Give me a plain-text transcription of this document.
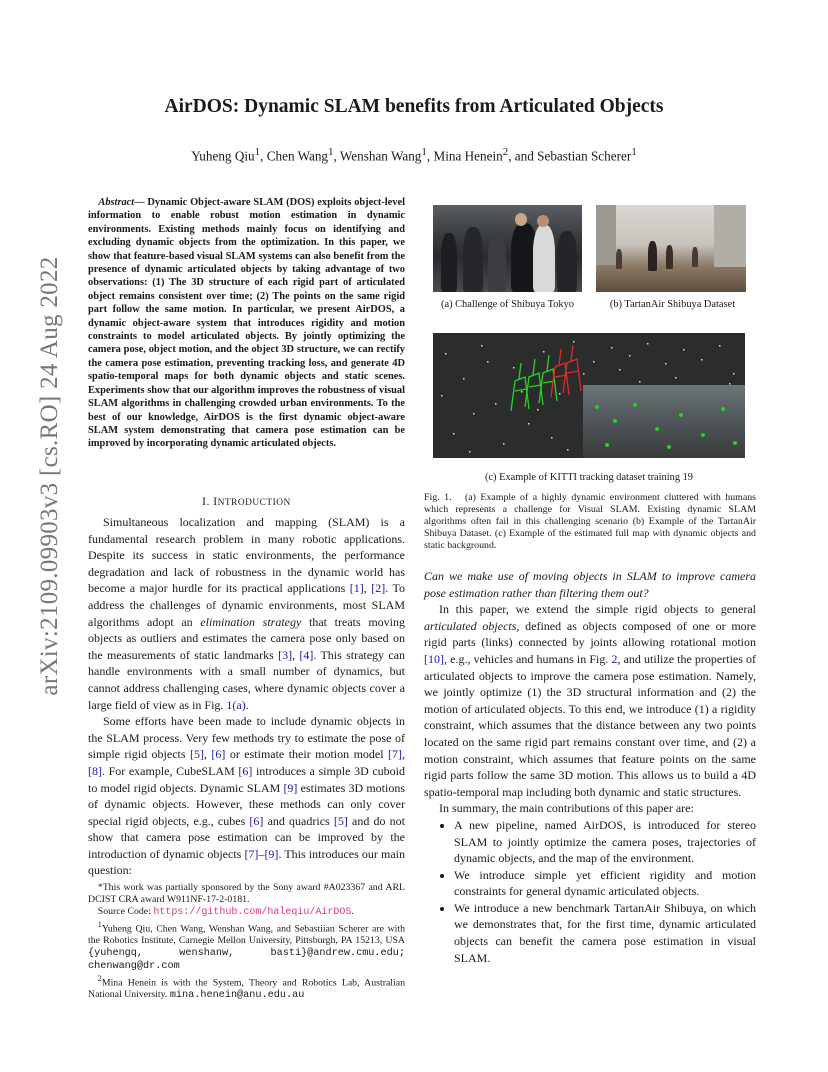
AirDOS: Dynamic SLAM benefits from Articulated Objects
Yuheng Qiu$^1$, Chen Wang$^1$, Wenshan Wang$^1$, Mina Henein$^2$, and Sebastian Scherer$^1$
arXiv:2109.09903v3 [cs.RO] 24 Aug 2022
Abstract— Dynamic Object-aware SLAM (DOS) exploits object-level information to enable robust motion estimation in dynamic environments. Existing methods mainly focus on identifying and excluding dynamic objects from the optimization. In this paper, we show that feature-based visual SLAM systems can also benefit from the presence of dynamic articulated objects by taking advantage of two observations: (1) The 3D structure of each rigid part of articulated object remains consistent over time; (2) The points on the same rigid part follow the same motion. In particular, we present AirDOS, a dynamic object-aware system that introduces rigidity and motion constraints to model articulated objects. By jointly optimizing the camera pose, object motion, and the object 3D structure, we can rectify the camera pose estimation, preventing tracking loss, and generate 4D spatio-temporal maps for both dynamic objects and static scenes. Experiments show that our algorithm improves the robustness of visual SLAM algorithms in challenging crowded urban environments. To the best of our knowledge, AirDOS is the first dynamic object-aware SLAM system demonstrating that camera pose estimation can be improved by incorporating dynamic articulated objects.
I. INTRODUCTION

Simultaneous localization and mapping (SLAM) is a fundamental research problem in many robotic applications. Despite its success in static environments, the performance degradation and lack of robustness in the dynamic world has become a major hurdle for its practical applications [1], [2]. To address the challenges of dynamic environments, most SLAM algorithms adopt an elimination strategy that treats moving objects as outliers and estimates the camera pose only based on the measurements of static landmarks [3], [4]. This strategy can handle environments with a small number of dynamics, but cannot address challenging cases, where dynamic objects cover a large field of view as in Fig. 1(a).

Some efforts have been made to include dynamic objects in the SLAM process. Very few methods try to estimate the pose of simple rigid objects [5], [6] or estimate their motion model [7], [8]. For example, CubeSLAM [6] introduces a simple 3D cuboid to model rigid objects. Dynamic SLAM [9] estimates 3D motions of dynamic objects. However, these methods can only cover special rigid objects, e.g., cubes [6] and quadrics [5] and do not show that camera pose estimation can be improved by the introduction of dynamic objects [7]–[9]. This introduces our main question:

*This work was partially sponsored by the Sony award #A023367 and ARL DCIST CRA award W911NF-17-2-0181.

Source Code: https://github.com/haleqiu/AirDOS.

$^1$Yuheng Qiu, Chen Wang, Wenshan Wang, and Sebastiian Scherer are with the Robotics Institute, Carnegie Mellon University, Pittsburgh, PA 15213, USA {yuhengq, wenshanw, basti}@andrew.cmu.edu; chenwang@dr.com

$^2$Mina Henein is with the System, Theory and Robotics Lab, Australian National University. mina.henein@anu.edu.au

(a) Challenge of Shibuya Tokyo	(b) TartanAir Shibuya Dataset
(c) Example of KITTI tracking dataset training 19
Fig. 1.   (a) Example of a highly dynamic environment cluttered with humans which represents a challenge for Visual SLAM. Existing dynamic SLAM algorithms often fail in this challenging scenario (b) Example of the TartanAir Shibuya Dataset. (c) Example of the estimated full map with dynamic objects and static background.

Can we make use of moving objects in SLAM to improve camera pose estimation rather than filtering them out?

In this paper, we extend the simple rigid objects to general articulated objects, defined as objects composed of one or more rigid parts (links) connected by joints allowing rotational motion [10], e.g., vehicles and humans in Fig. 2, and utilize the properties of articulated objects to improve the camera pose estimation. Namely, we jointly optimize (1) the 3D structural information and (2) the motion of articulated objects. To this end, we introduce (1) a rigidity constraint, which assumes that the distance between any two points located on the same rigid part remains constant over time, and (2) a motion constraint, which assumes that feature points on the same rigid parts follow the same 3D motion. This allows us to build a 4D spatio-temporal map including both dynamic and static structures.

In summary, the main contributions of this paper are:

• A new pipeline, named AirDOS, is introduced for stereo SLAM to jointly optimize the camera poses, trajectories of dynamic objects, and the map of the environment.
• We introduce simple yet efficient rigidity and motion constraints for general dynamic articulated objects.
• We introduce a new benchmark TartanAir Shibuya, on which we demonstrates that, for the first time, dynamic articulated objects can benefit the camera pose estimation in visual SLAM.
